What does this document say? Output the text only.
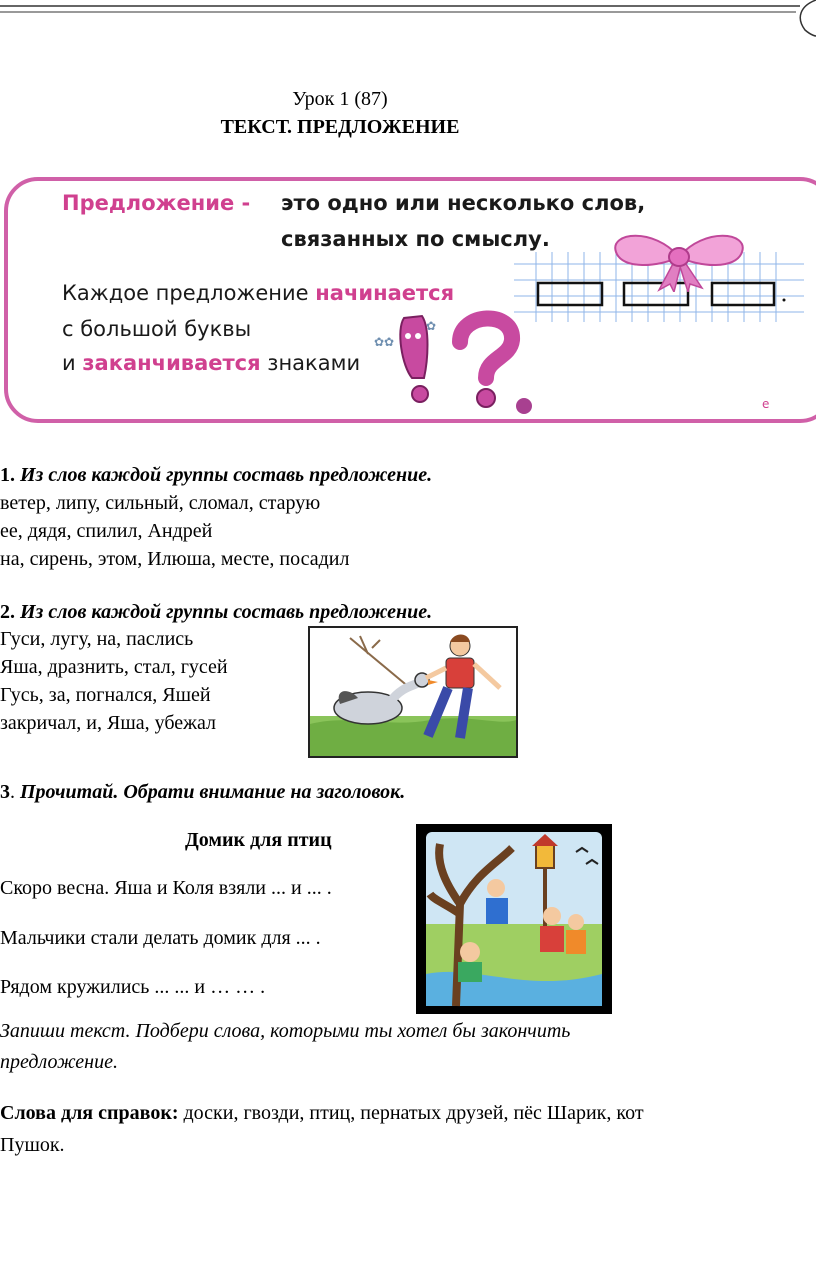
Урок 1 (87)
ТЕКСТ. ПРЕДЛОЖЕНИЕ
Предложение - это одно или несколько слов,
связанных по смыслу.
Каждое предложение начинается
с большой буквы
и заканчивается знаками
е
✿✿
✿
1. Из слов каждой группы составь предложение.
ветер, липу, сильный, сломал, старую
ее, дядя, спилил, Андрей
на, сирень, этом, Илюша, месте, посадил
2. Из слов каждой группы составь предложение.
Гуси, лугу, на, паслись
Яша, дразнить, стал, гусей
Гусь, за, погнался, Яшей
закричал, и, Яша, убежал
3. Прочитай. Обрати внимание на заголовок.
Домик для птиц
Скоро весна. Яша и Коля взяли ... и ... .
Мальчики стали делать домик для ... .
Рядом кружились ... ... и … … .
Запиши текст. Подбери слова, которыми ты хотел бы закончить
предложение.
Слова для справок: доски, гвозди, птиц, пернатых друзей, пёс Шарик, кот
Пушок.
